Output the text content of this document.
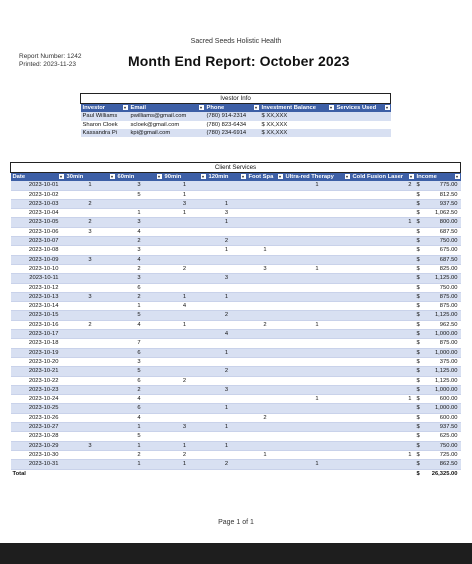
Sacred Seeds Holistic Health
Report Number: 1242
Printed: 2023-11-23	Month End Report: October 2023
Ivestor Info				
Investor ▾	Email ▾	Phone ▾	Investment Balance ▾	Services Used ▾

Paul Williams	pwilliams@gmail.com	(780) 914-2314	$ XX,XXX	
Sharon Cloek	scloek@gmail.com	(780) 823-6434	$ XX,XXX	
Kassandra Pi	kpi@gmail.com	(780) 234-6914	$ XX,XXX	
Client Services									
Date ▾	30min ▾	60min ▾	90min ▾	120min ▾	Foot Spa ▾	Ultra-red Therapy ▾	Cold Fusion Laser ▾	Income ▾	

2023-10-01	1	3	1			1	2	$	775.00
2023-10-02		5	1					$	812.50
2023-10-03	2		3	1				$	937.50
2023-10-04		1	1	3				$	1,062.50
2023-10-05	2	3		1			1	$	800.00
2023-10-06	3	4						$	687.50
2023-10-07		2		2				$	750.00
2023-10-08		3		1	1			$	675.00
2023-10-09	3	4						$	687.50
2023-10-10		2	2		3	1		$	825.00
2023-10-11		3		3				$	1,125.00
2023-10-12		6						$	750.00
2023-10-13	3	2	1	1				$	875.00
2023-10-14		1	4					$	875.00
2023-10-15		5		2				$	1,125.00
2023-10-16	2	4	1		2	1		$	962.50
2023-10-17				4				$	1,000.00
2023-10-18		7						$	875.00
2023-10-19		6		1				$	1,000.00
2023-10-20		3						$	375.00
2023-10-21		5		2				$	1,125.00
2023-10-22		6	2					$	1,125.00
2023-10-23		2		3				$	1,000.00
2023-10-24		4				1	1	$	600.00
2023-10-25		6		1				$	1,000.00
2023-10-26		4			2			$	600.00
2023-10-27		1	3	1				$	937.50
2023-10-28		5						$	625.00
2023-10-29	3	1	1	1				$	750.00
2023-10-30		2	2		1		1	$	725.00
2023-10-31		1	1	2		1		$	862.50
Total								$	26,325.00
Page 1 of 1
